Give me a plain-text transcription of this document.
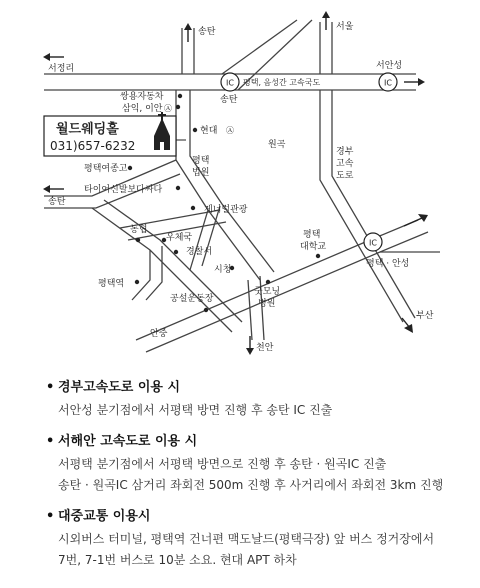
IC	IC
IC
월드웨딩홀
031)657-6232
송탄	서울
서정리	서안성
평택, 음성간 고속국도
송탄
쌍용자동차
삼익, 이안 Ⓐ
현대 Ⓐ
원곡
경부
고속
도로
평택여종고
평택
법원
타이어신발보다싸다
송탄
제너럴관광
농협
우체국
경찰서
평택
대학교
평택 · 안성
시청
굿모닝
병원
평택역
공설운동장
부산
안중
천안
• 경부고속도로 이용 시
서안성 분기점에서 서평택 방면 진행 후 송탄 IC 진출
• 서해안 고속도로 이용 시
서평택 분기점에서 서평택 방면으로 진행 후 송탄 · 원곡IC 진출
송탄 · 원곡IC 삼거리 좌회전 500m 진행 후 사거리에서 좌회전 3km 진행
• 대중교통 이용시
시외버스 터미널, 평택역 건너편 맥도날드(평택극장) 앞 버스 정거장에서
7번, 7-1번 버스로 10분 소요. 현대 APT 하차
